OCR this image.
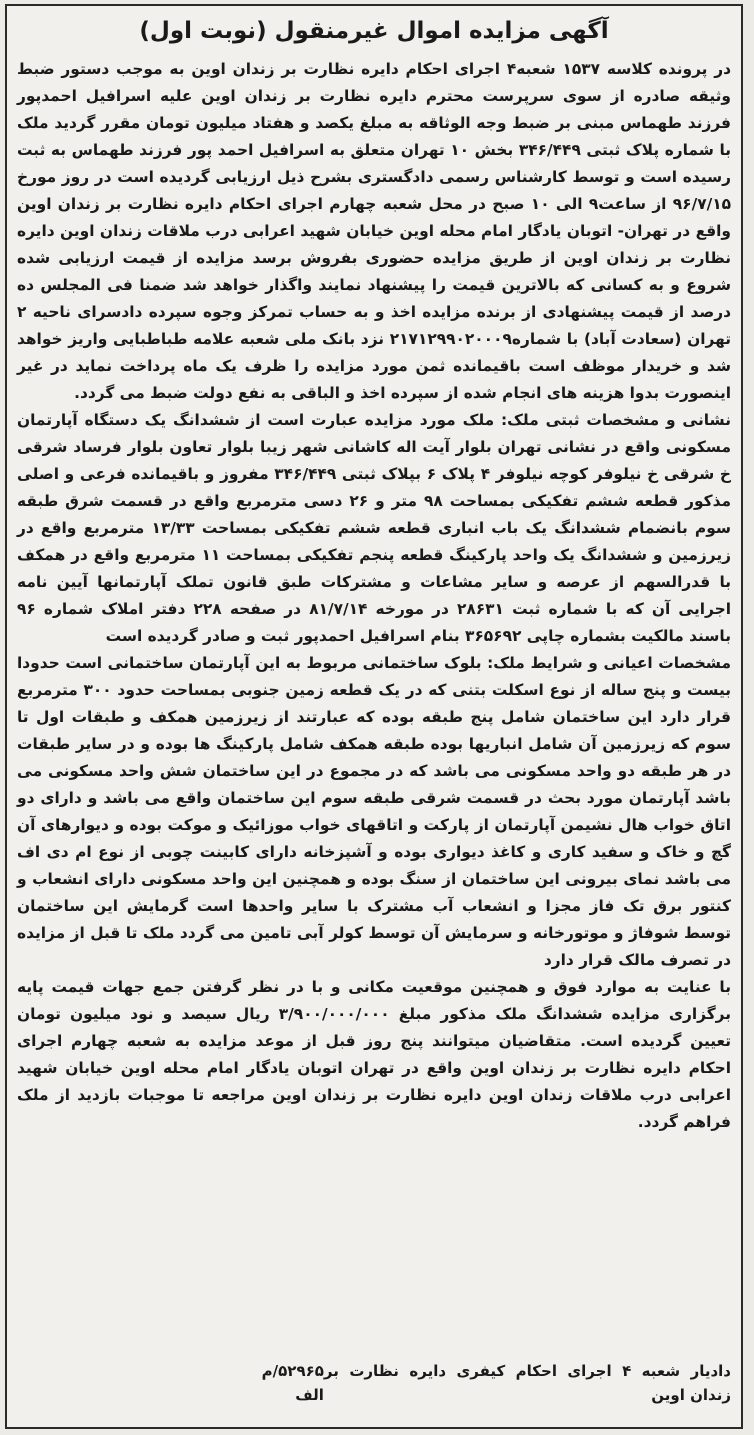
آگهی مزایده اموال غیرمنقول (نوبت اول)

در پرونده کلاسه ۱۵۳۷ شعبه۴ اجرای احکام دایره نظارت بر زندان اوین به موجب دستور ضبط وثیقه صادره از سوی سرپرست محترم دایره نظارت بر زندان اوین علیه اسرافیل احمدپور فرزند طهماس مبنی بر ضبط وجه الوثاقه به مبلغ یکصد و هفتاد میلیون تومان مقرر گردید ملک با شماره پلاک ثبتی ۳۴۶/۴۴۹ بخش ۱۰ تهران متعلق به اسرافیل احمد پور فرزند طهماس به ثبت رسیده است و توسط کارشناس رسمی دادگستری بشرح ذیل ارزیابی گردیده است در روز مورخ ۹۶/۷/۱۵ از ساعت۹ الی ۱۰ صبح در محل شعبه چهارم اجرای احکام دایره نظارت بر زندان اوین واقع در تهران- اتوبان یادگار امام محله اوین خیابان شهید اعرابی درب ملاقات زندان اوین دایره نظارت بر زندان اوین از طریق مزایده حضوری بفروش برسد مزایده از قیمت ارزیابی شده شروع و به کسانی که بالاترین قیمت را پیشنهاد نمایند واگذار خواهد شد ضمنا فی المجلس ده درصد از قیمت پیشنهادی از برنده مزایده اخذ و به حساب تمرکز وجوه سپرده دادسرای ناحیه ۲ تهران (سعادت آباد) با شماره۲۱۷۱۲۹۹۰۲۰۰۰۹ نزد بانک ملی شعبه علامه طباطبایی واریز خواهد شد و خریدار موظف است باقیمانده ثمن مورد مزایده را ظرف یک ماه پرداخت نماید در غیر اینصورت بدوا هزینه های انجام شده از سپرده اخذ و الباقی به نفع دولت ضبط می گردد.

نشانی و مشخصات ثبتی ملک: ملک مورد مزایده عبارت است از ششدانگ یک دستگاه آپارتمان مسکونی واقع در نشانی تهران بلوار آیت اله کاشانی شهر زیبا بلوار تعاون بلوار فرساد شرقی خ شرقی خ نیلوفر کوچه نیلوفر ۴ پلاک ۶ بپلاک ثبتی ۳۴۶/۴۴۹ مفروز و باقیمانده فرعی و اصلی مذکور قطعه ششم تفکیکی بمساحت ۹۸ متر و ۲۶ دسی مترمربع واقع در قسمت شرق طبقه سوم بانضمام ششدانگ یک باب انباری قطعه ششم تفکیکی بمساحت ۱۳/۳۳ مترمربع واقع در زیرزمین و ششدانگ یک واحد پارکینگ قطعه پنجم تفکیکی بمساحت ۱۱ مترمربع واقع در همکف با قدرالسهم از عرصه و سایر مشاعات و مشترکات طبق قانون تملک آپارتمانها آیین نامه اجرایی آن که با شماره ثبت ۲۸۶۳۱ در مورخه ۸۱/۷/۱۴ در صفحه ۲۲۸ دفتر املاک شماره ۹۶ باسند مالکیت بشماره چاپی ۳۶۵۶۹۲ بنام اسرافیل احمدپور ثبت و صادر گردیده است

مشخصات اعیانی و شرایط ملک: بلوک ساختمانی مربوط به این آپارتمان ساختمانی است حدودا بیست و پنج ساله از نوع اسکلت بتنی که در یک قطعه زمین جنوبی بمساحت حدود ۳۰۰ مترمربع قرار دارد این ساختمان شامل پنج طبقه بوده که عبارتند از زیرزمین همکف و طبقات اول تا سوم که زیرزمین آن شامل انباریها بوده طبقه همکف شامل پارکینگ ها بوده و در سایر طبقات در هر طبقه دو واحد مسکونی می باشد که در مجموع در این ساختمان شش واحد مسکونی می باشد آپارتمان مورد بحث در قسمت شرقی طبقه سوم این ساختمان واقع می باشد و دارای دو اتاق خواب هال نشیمن آپارتمان از پارکت و اتاقهای خواب موزائیک و موکت بوده و دیوارهای آن گچ و خاک و سفید کاری و کاغذ دیواری بوده و آشپزخانه دارای کابینت چوبی از نوع ام دی اف می باشد نمای بیرونی این ساختمان از سنگ بوده و همچنین این واحد مسکونی دارای انشعاب و کنتور برق تک فاز مجزا و انشعاب آب مشترک با سایر واحدها است گرمایش این ساختمان توسط شوفاژ و موتورخانه و سرمایش آن توسط کولر آبی تامین می گردد ملک تا قبل از مزایده در تصرف مالک قرار دارد

با عنایت به موارد فوق و همچنین موقعیت مکانی و با در نظر گرفتن جمع جهات قیمت پایه برگزاری مزایده ششدانگ ملک مذکور مبلغ ۳/۹۰۰/۰۰۰/۰۰۰ ریال سیصد و نود میلیون تومان تعیین گردیده است. متقاضیان میتوانند پنج روز قبل از موعد مزایده به شعبه چهارم اجرای احکام دایره نظارت بر زندان اوین واقع در تهران اتوبان یادگار امام محله اوین خیابان شهید اعرابی درب ملاقات زندان اوین دایره نظارت بر زندان اوین مراجعه تا موجبات بازدید از ملک فراهم گردد.

دادیار شعبه ۴ اجرای احکام کیفری دایره نظارت بر زندان اوین
۵۲۹۶۵/م الف
